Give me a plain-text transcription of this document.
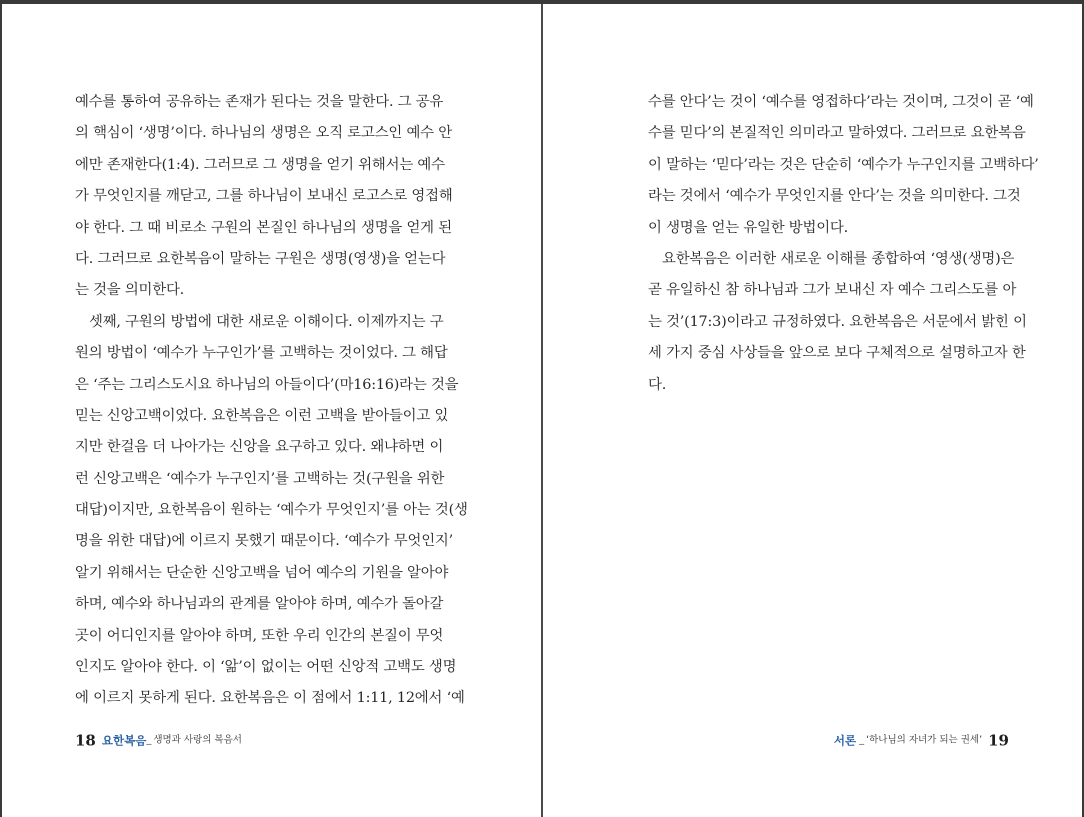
예수를 통하여 공유하는 존재가 된다는 것을 말한다. 그 공유
의 핵심이 ‘생명’이다. 하나님의 생명은 오직 로고스인 예수 안
에만 존재한다(1:4). 그러므로 그 생명을 얻기 위해서는 예수
가 무엇인지를 깨닫고, 그를 하나님이 보내신 로고스로 영접해
야 한다. 그 때 비로소 구원의 본질인 하나님의 생명을 얻게 된
다. 그러므로 요한복음이 말하는 구원은 생명(영생)을 얻는다
는 것을 의미한다.
셋째, 구원의 방법에 대한 새로운 이해이다. 이제까지는 구
원의 방법이 ‘예수가 누구인가’를 고백하는 것이었다. 그 해답
은 ‘주는 그리스도시요 하나님의 아들이다’(마16:16)라는 것을
믿는 신앙고백이었다. 요한복음은 이런 고백을 받아들이고 있
지만 한걸음 더 나아가는 신앙을 요구하고 있다. 왜냐하면 이
런 신앙고백은 ‘예수가 누구인지’를 고백하는 것(구원을 위한
대답)이지만, 요한복음이 원하는 ‘예수가 무엇인지’를 아는 것(생
명을 위한 대답)에 이르지 못했기 때문이다. ‘예수가 무엇인지’
알기 위해서는 단순한 신앙고백을 넘어 예수의 기원을 알아야
하며, 예수와 하나님과의 관계를 알아야 하며, 예수가 돌아갈
곳이 어디인지를 알아야 하며, 또한 우리 인간의 본질이 무엇
인지도 알아야 한다. 이 ‘앎’이 없이는 어떤 신앙적 고백도 생명
에 이르지 못하게 된다. 요한복음은 이 점에서 1:11, 12에서 ‘예
18 요한복음_ 생명과 사랑의 복음서
수를 안다’는 것이 ‘예수를 영접하다’라는 것이며, 그것이 곧 ‘예
수를 믿다’의 본질적인 의미라고 말하였다. 그러므로 요한복음
이 말하는 ‘믿다’라는 것은 단순히 ‘예수가 누구인지를 고백하다’
라는 것에서 ‘예수가 무엇인지를 안다’는 것을 의미한다. 그것
이 생명을 얻는 유일한 방법이다.
요한복음은 이러한 새로운 이해를 종합하여 ‘영생(생명)은
곧 유일하신 참 하나님과 그가 보내신 자 예수 그리스도를 아
는 것’(17:3)이라고 규정하였다. 요한복음은 서문에서 밝힌 이
세 가지 중심 사상들을 앞으로 보다 구체적으로 설명하고자 한
다.
서론 _ ‘하나님의 자녀가 되는 권세’ 19
